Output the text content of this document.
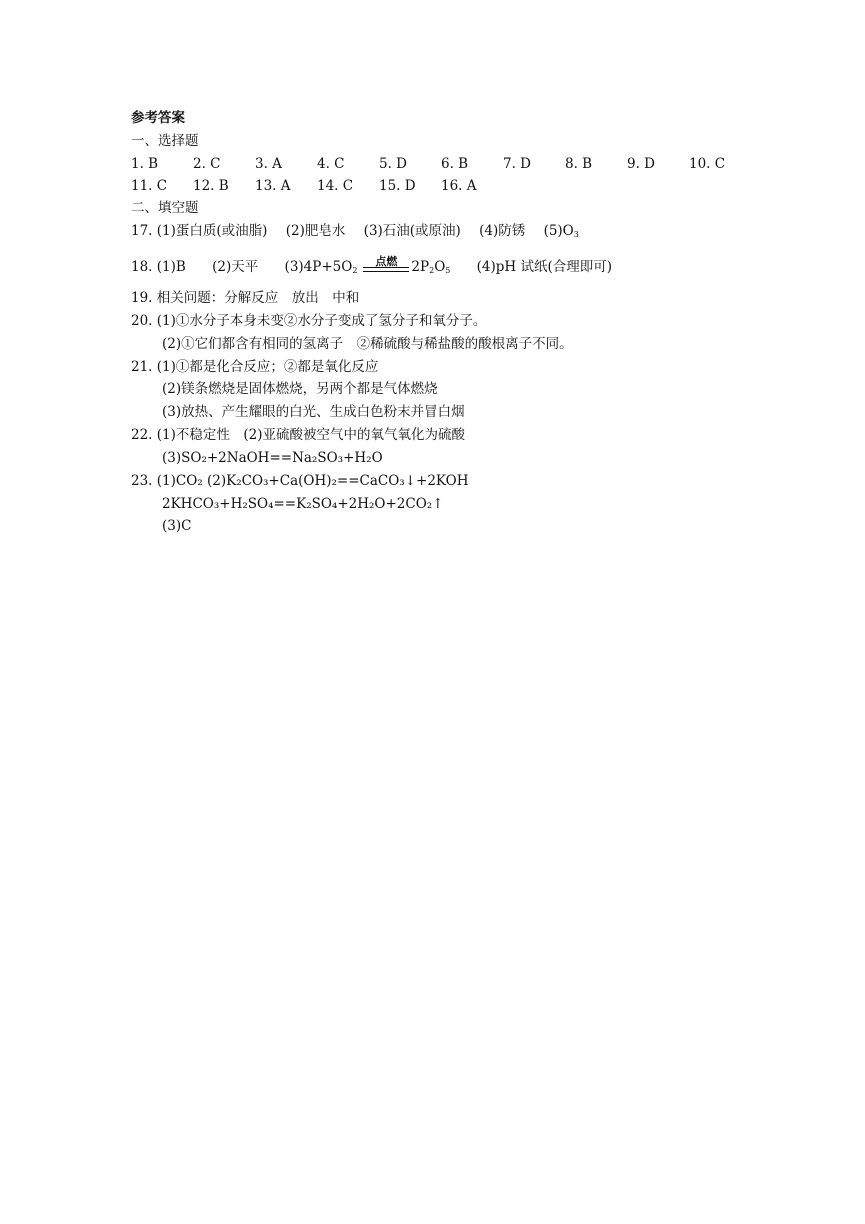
参考答案
一、选择题
1. B	2. C	3. A	4. C	5. D	6. B	7. D	8. B	9. D	10. C
11. C 12. B 13. A 14. C 15. D 16. A
二、填空题
17. (1)蛋白质(或油脂) (2)肥皂水 (3)石油(或原油) (4)防锈 $(5)O_3$
18. (1)B (2)天平 $(3)4P+5O_2$
点燃	$2P_2O_5$ (4)pH 试纸(合理即可)
19. 相关问题：分解反应　放出　中和
20. (1)①水分子本身未变②水分子变成了氢分子和氧分子。
(2)①它们都含有相同的氢离子　②稀硫酸与稀盐酸的酸根离子不同。
21. (1)①都是化合反应；②都是氧化反应
(2)镁条燃烧是固体燃烧，另两个都是气体燃烧
(3)放热、产生耀眼的白光、生成白色粉末并冒白烟
22. (1)不稳定性　(2)亚硫酸被空气中的氧气氧化为硫酸
(3)SO₂+2NaOH==Na₂SO₃+H₂O
23. (1)CO₂ (2)K₂CO₃+Ca(OH)₂==CaCO₃↓+2KOH
2KHCO₃+H₂SO₄==K₂SO₄+2H₂O+2CO₂↑
(3)C
